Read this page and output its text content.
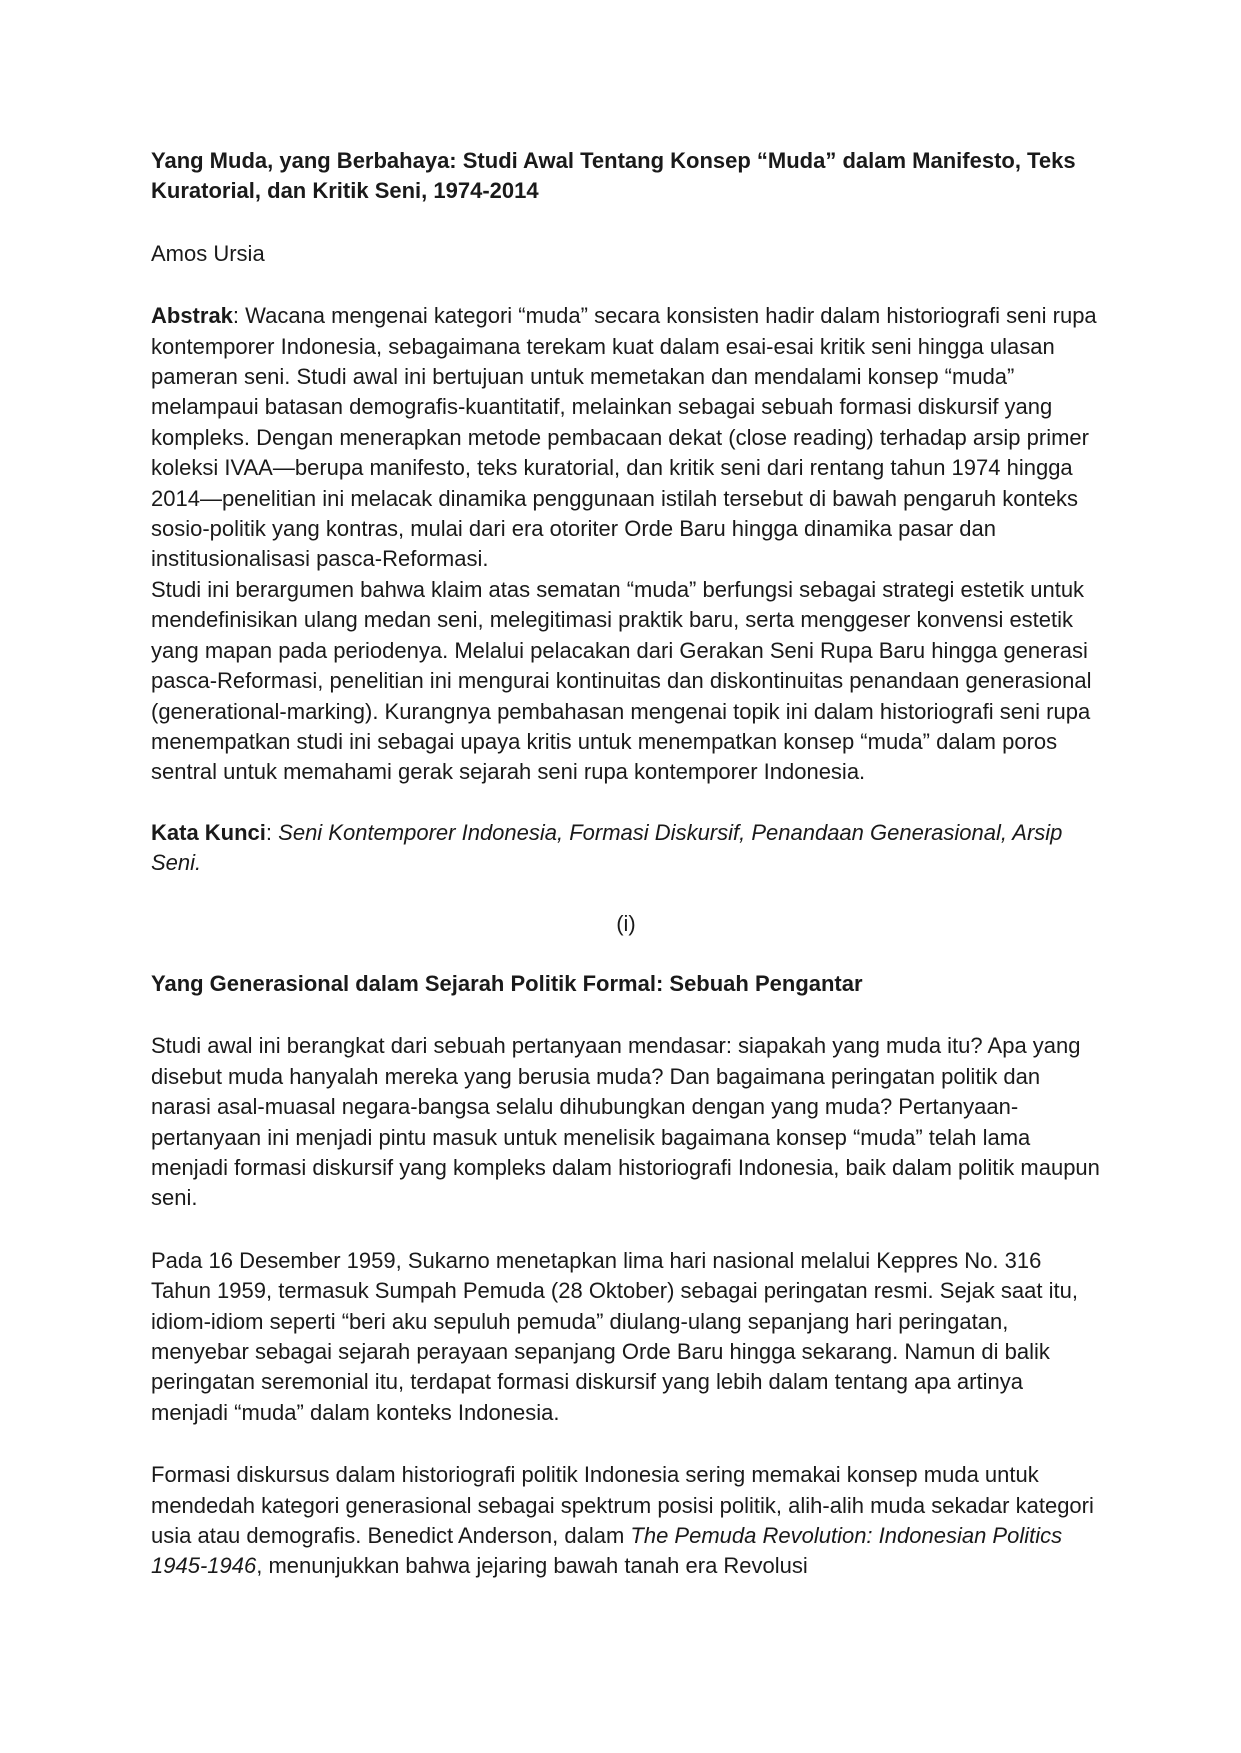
Yang Muda, yang Berbahaya: Studi Awal Tentang Konsep “Muda” dalam Manifesto, Teks Kuratorial, dan Kritik Seni, 1974-2014
Amos Ursia

Abstrak: Wacana mengenai kategori “muda” secara konsisten hadir dalam historiografi seni rupa kontemporer Indonesia, sebagaimana terekam kuat dalam esai-esai kritik seni hingga ulasan pameran seni. Studi awal ini bertujuan untuk memetakan dan mendalami konsep “muda” melampaui batasan demografis-kuantitatif, melainkan sebagai sebuah formasi diskursif yang kompleks. Dengan menerapkan metode pembacaan dekat (close reading) terhadap arsip primer koleksi IVAA—berupa manifesto, teks kuratorial, dan kritik seni dari rentang tahun 1974 hingga 2014—penelitian ini melacak dinamika penggunaan istilah tersebut di bawah pengaruh konteks sosio-politik yang kontras, mulai dari era otoriter Orde Baru hingga dinamika pasar dan institusionalisasi pasca-Reformasi.

Studi ini berargumen bahwa klaim atas sematan “muda” berfungsi sebagai strategi estetik untuk mendefinisikan ulang medan seni, melegitimasi praktik baru, serta menggeser konvensi estetik yang mapan pada periodenya. Melalui pelacakan dari Gerakan Seni Rupa Baru hingga generasi pasca-Reformasi, penelitian ini mengurai kontinuitas dan diskontinuitas penandaan generasional (generational-marking). Kurangnya pembahasan mengenai topik ini dalam historiografi seni rupa menempatkan studi ini sebagai upaya kritis untuk menempatkan konsep “muda” dalam poros sentral untuk memahami gerak sejarah seni rupa kontemporer Indonesia.

Kata Kunci: Seni Kontemporer Indonesia, Formasi Diskursif, Penandaan Generasional, Arsip Seni.
(i)
Yang Generasional dalam Sejarah Politik Formal: Sebuah Pengantar

Studi awal ini berangkat dari sebuah pertanyaan mendasar: siapakah yang muda itu? Apa yang disebut muda hanyalah mereka yang berusia muda? Dan bagaimana peringatan politik dan narasi asal-muasal negara-bangsa selalu dihubungkan dengan yang muda? Pertanyaan-pertanyaan ini menjadi pintu masuk untuk menelisik bagaimana konsep “muda” telah lama menjadi formasi diskursif yang kompleks dalam historiografi Indonesia, baik dalam politik maupun seni.

Pada 16 Desember 1959, Sukarno menetapkan lima hari nasional melalui Keppres No. 316 Tahun 1959, termasuk Sumpah Pemuda (28 Oktober) sebagai peringatan resmi. Sejak saat itu, idiom-idiom seperti “beri aku sepuluh pemuda” diulang-ulang sepanjang hari peringatan, menyebar sebagai sejarah perayaan sepanjang Orde Baru hingga sekarang. Namun di balik peringatan seremonial itu, terdapat formasi diskursif yang lebih dalam tentang apa artinya menjadi “muda” dalam konteks Indonesia.

Formasi diskursus dalam historiografi politik Indonesia sering memakai konsep muda untuk mendedah kategori generasional sebagai spektrum posisi politik, alih-alih muda sekadar kategori usia atau demografis. Benedict Anderson, dalam The Pemuda Revolution: Indonesian Politics 1945-1946, menunjukkan bahwa jejaring bawah tanah era Revolusi
